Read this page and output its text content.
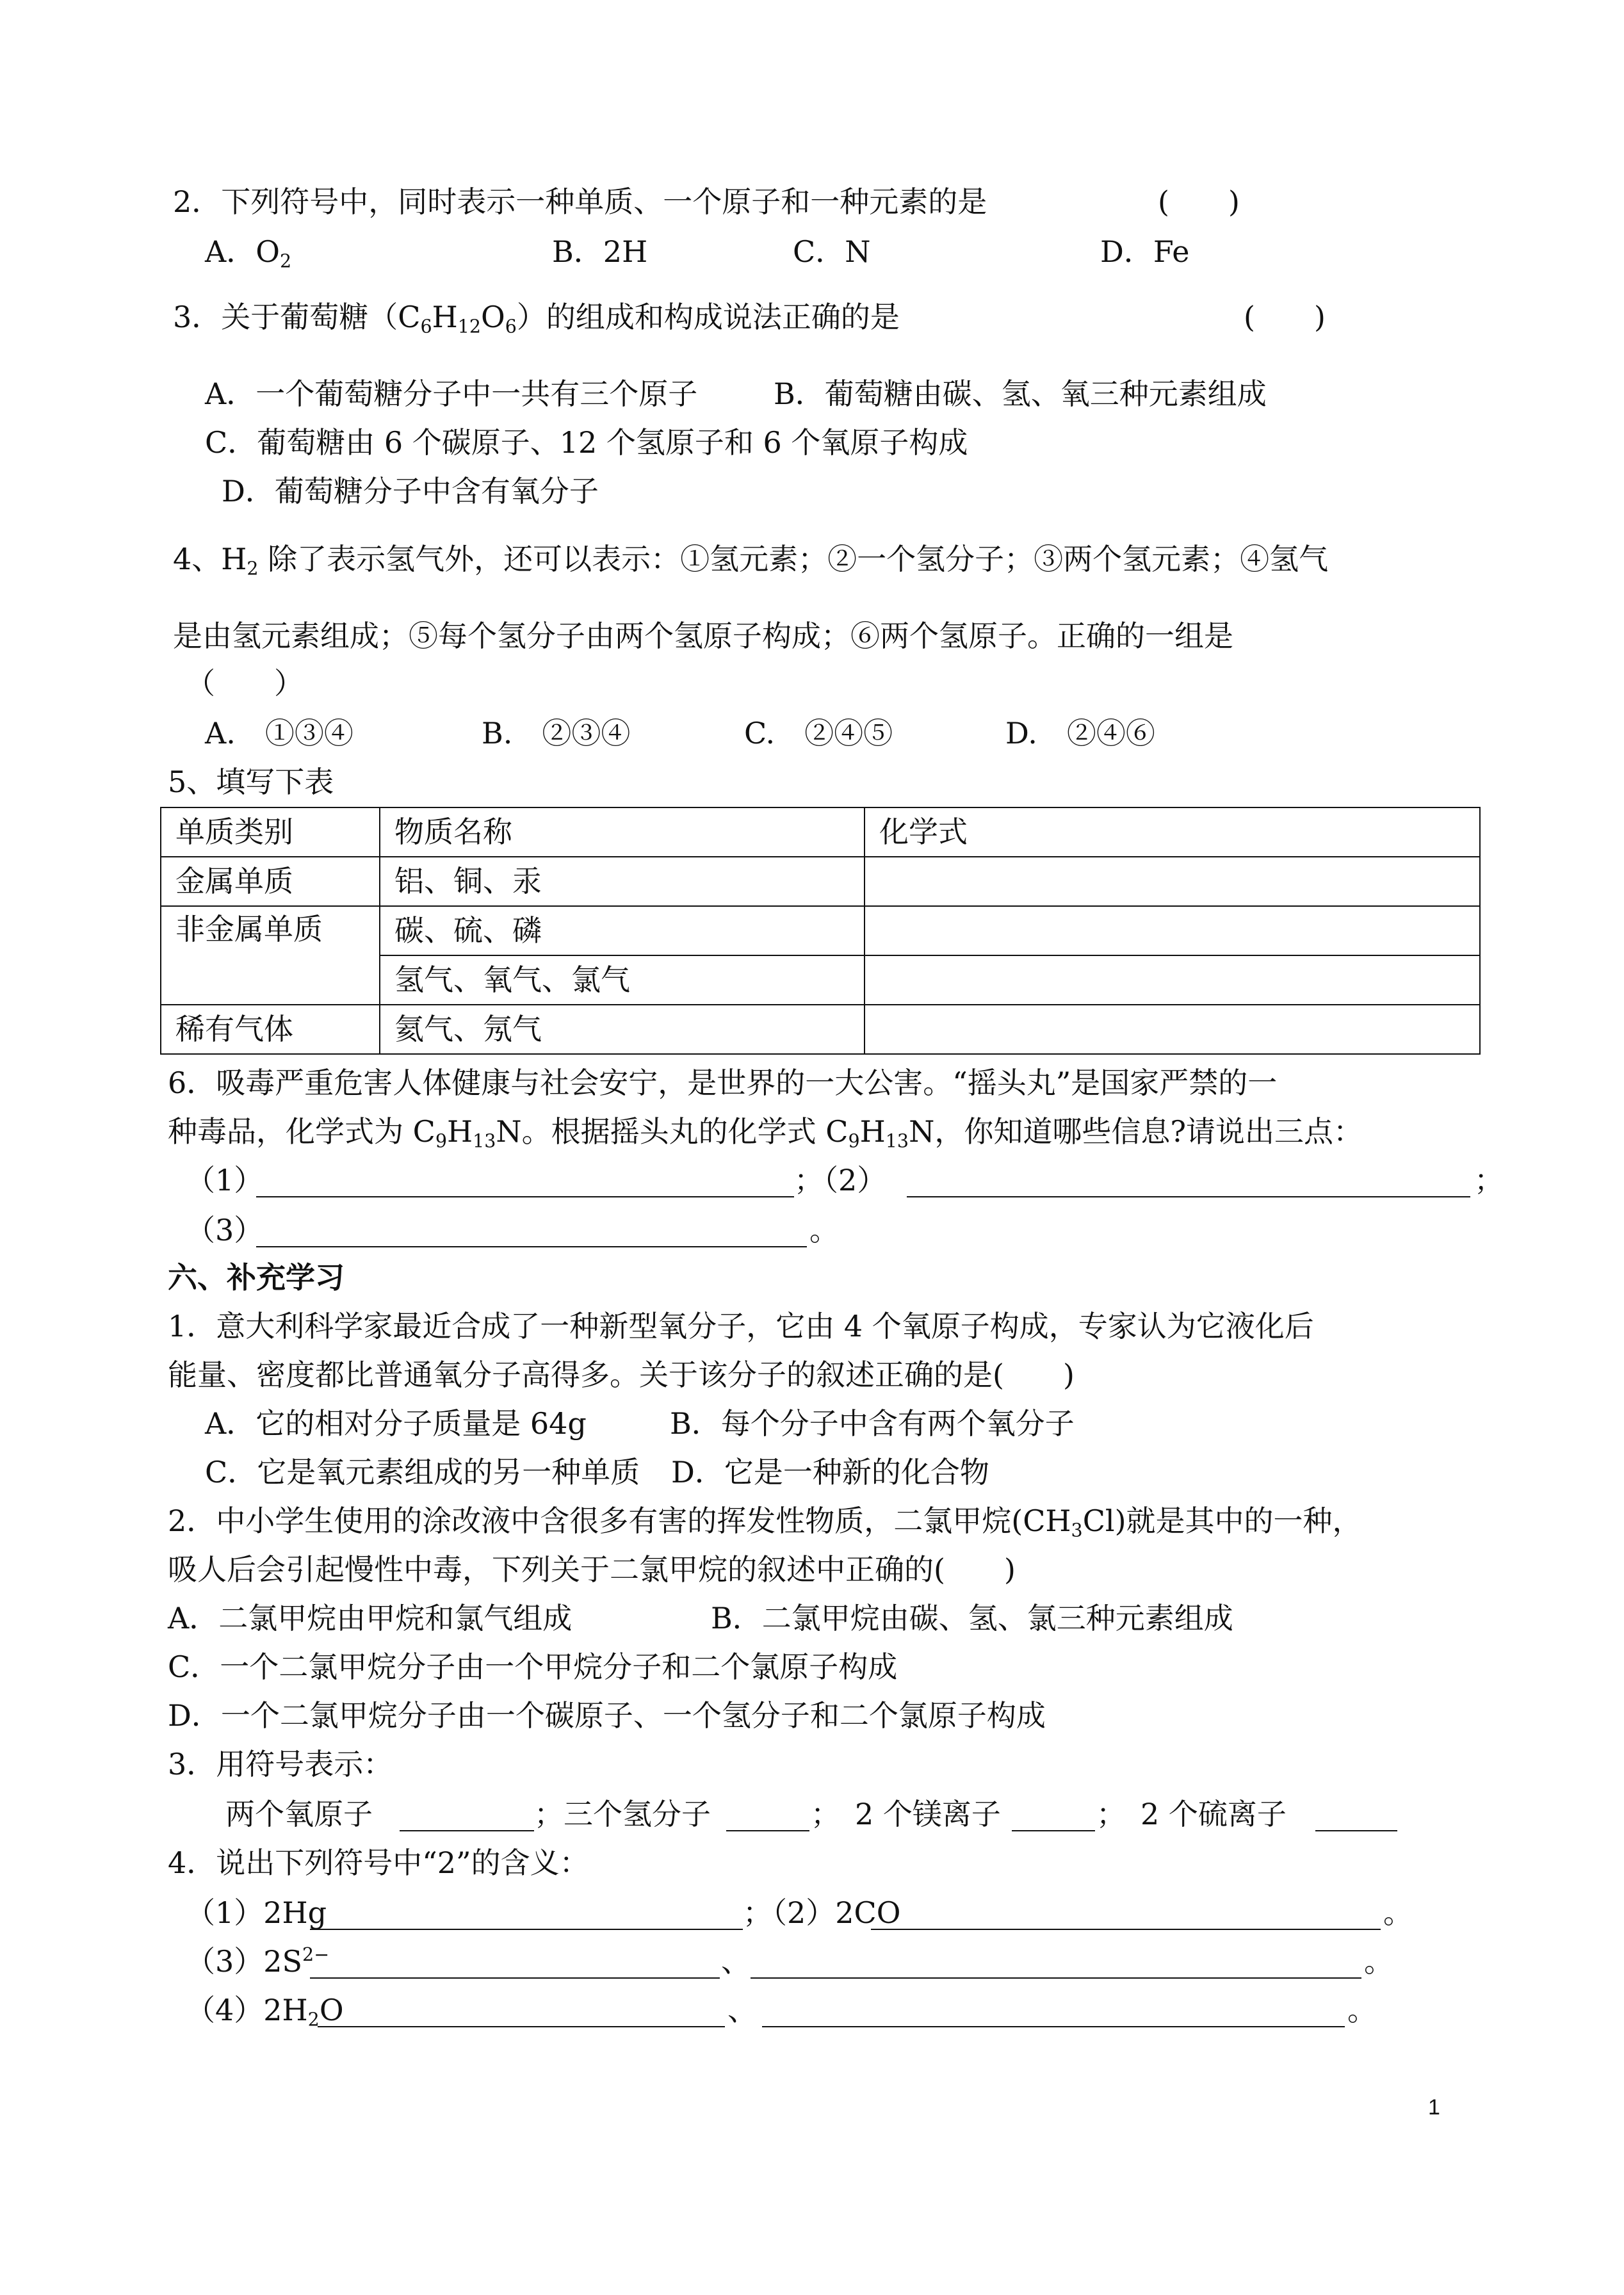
2．下列符号中，同时表示一种单质、一个原子和一种元素的是	(　　)
A．$O_2$	B．2H	C．N	D．Fe
3．关于葡萄糖$(C_6H_{12}O_6)$的组成和构成说法正确的是	(　　)
A．一个葡萄糖分子中一共有三个原子	B．葡萄糖由碳、氢、氧三种元素组成
C．葡萄糖由 6 个碳原子、12 个氢原子和 6 个氧原子构成
D．葡萄糖分子中含有氧分子
4、$H_2$ 除了表示氢气外，还可以表示：①氢元素；②一个氢分子；③两个氢元素；④氢气
是由氢元素组成；⑤每个氢分子由两个氢原子构成；⑥两个氢原子。正确的一组是
（　　）
A.　①③④	B.　②③④	C.　②④⑤	D.　②④⑥
5、填写下表
单质类别	物质名称	化学式
金属单质	铝、铜、汞	
非金属单质	碳、硫、磷	
	氢气、氧气、氯气	
稀有气体	氦气、氖气	
6．吸毒严重危害人体健康与社会安宁，是世界的一大公害。“摇头丸”是国家严禁的一
种毒品，化学式为 $C_9H_{13}N$。根据摇头丸的化学式 $C_9H_{13}N$，你知道哪些信息?请说出三点：
（1）	；（2）	；
（3）	。
六、补充学习
1．意大利科学家最近合成了一种新型氧分子，它由 4 个氧原子构成，专家认为它液化后
能量、密度都比普通氧分子高得多。关于该分子的叙述正确的是(　　)
A．它的相对分子质量是 64g	B．每个分子中含有两个氧分子
C．它是氧元素组成的另一种单质 D．它是一种新的化合物
2．中小学生使用的涂改液中含很多有害的挥发性物质，二氯甲烷$(CH_3Cl)$就是其中的一种，
吸人后会引起慢性中毒，下列关于二氯甲烷的叙述中正确的(　　)
A．二氯甲烷由甲烷和氯气组成	B．二氯甲烷由碳、氢、氯三种元素组成
C．一个二氯甲烷分子由一个甲烷分子和二个氯原子构成
D．一个二氯甲烷分子由一个碳原子、一个氢分子和二个氯原子构成
3．用符号表示：
两个氧原子	；三个氢分子	；　2 个镁离子	；　2 个硫离子
4．说出下列符号中“2”的含义：
（1）2Hg	；（2）2CO	。
$(3)2S^{2-}$	、	。
$(4)2H_2O$	、	。
1
